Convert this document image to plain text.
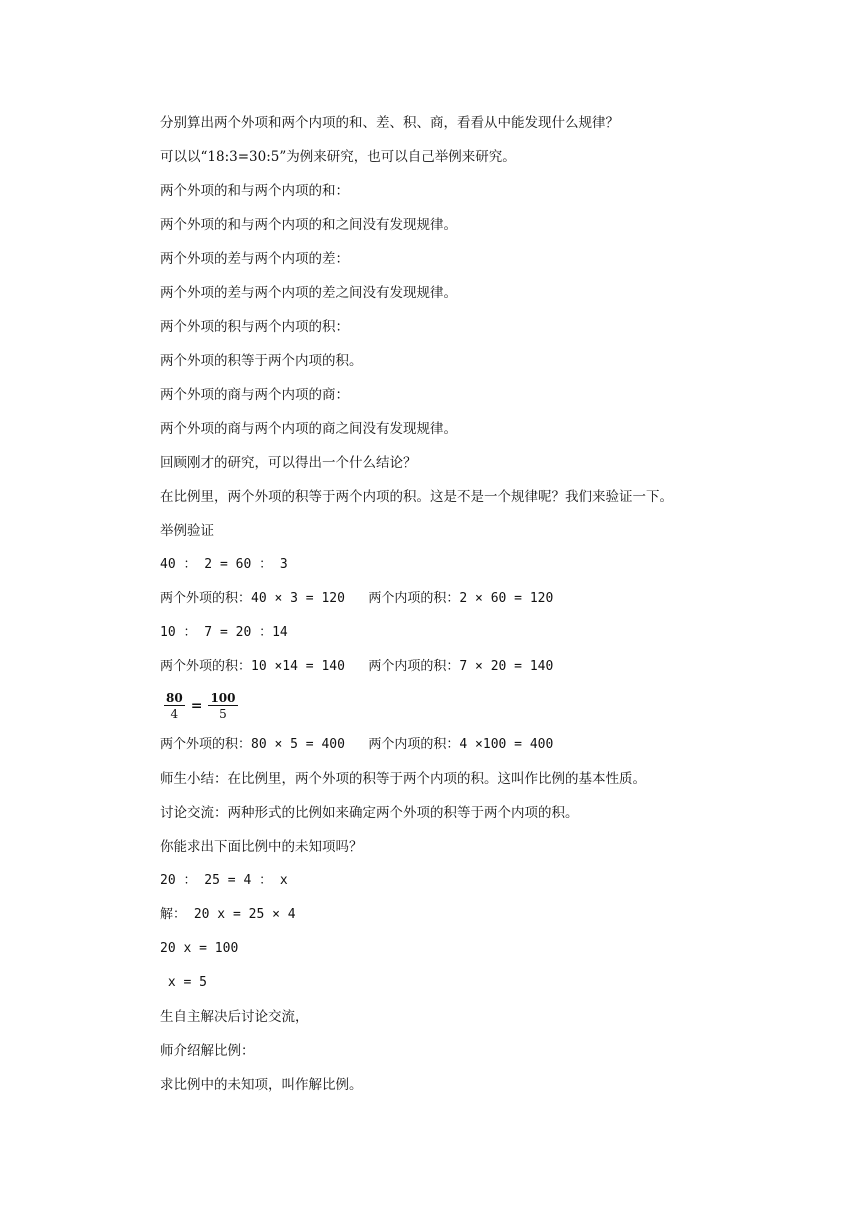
分别算出两个外项和两个内项的和、差、积、商，看看从中能发现什么规律？
可以以“18:3=30:5”为例来研究，也可以自己举例来研究。
两个外项的和与两个内项的和：
两个外项的和与两个内项的和之间没有发现规律。
两个外项的差与两个内项的差：
两个外项的差与两个内项的差之间没有发现规律。
两个外项的积与两个内项的积：
两个外项的积等于两个内项的积。
两个外项的商与两个内项的商：
两个外项的商与两个内项的商之间没有发现规律。
回顾刚才的研究，可以得出一个什么结论？
在比例里，两个外项的积等于两个内项的积。这是不是一个规律呢？我们来验证一下。
举例验证
40 ： 2 = 60 ： 3
两个外项的积：40 × 3 = 120   两个内项的积：2 × 60 = 120
10 ： 7 = 20 ：14
两个外项的积：10 ×14 = 140   两个内项的积：7 × 20 = 140
$\frac{80}{4} = \frac{100}{5}$
两个外项的积：80 × 5 = 400   两个内项的积：4 ×100 = 400
师生小结：在比例里，两个外项的积等于两个内项的积。这叫作比例的基本性质。
讨论交流：两种形式的比例如来确定两个外项的积等于两个内项的积。
你能求出下面比例中的未知项吗？
20 ： 25 = 4 ： x
解： 20 x = 25 × 4
20 x = 100
x = 5
生自主解决后讨论交流，
师介绍解比例：
求比例中的未知项，叫作解比例。
